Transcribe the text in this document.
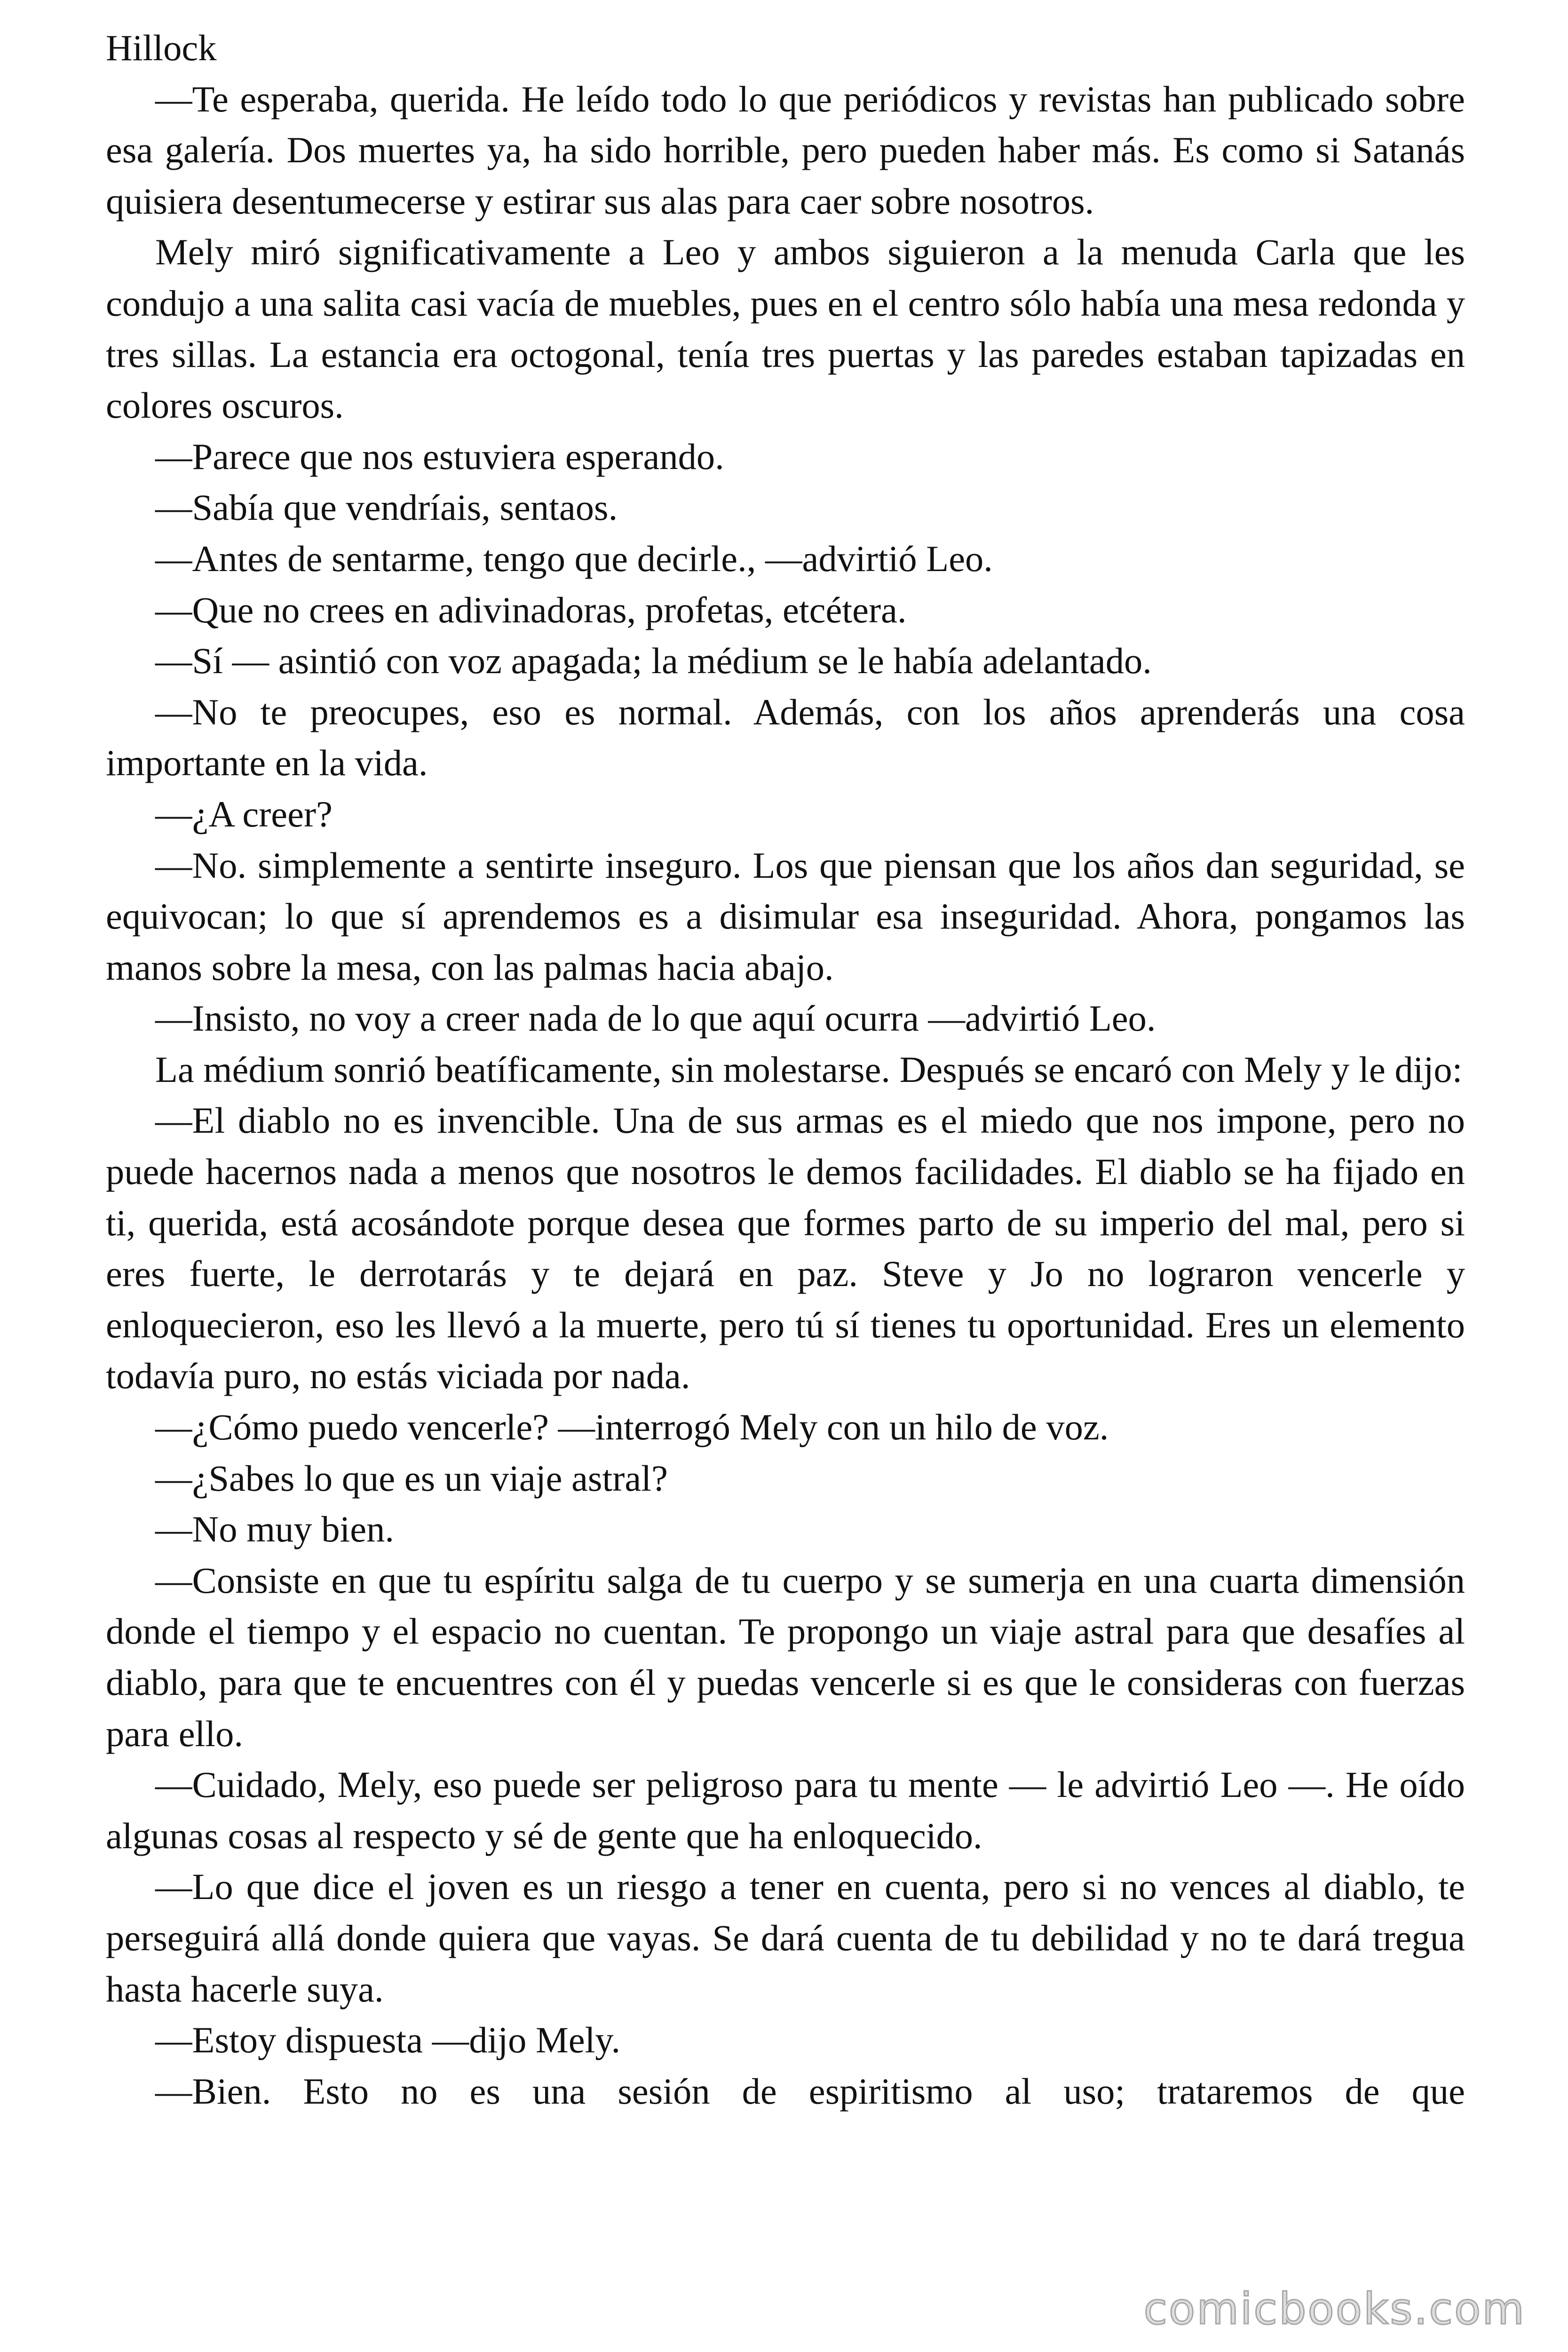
Hillock

—Te esperaba, querida. He leído todo lo que periódicos y revistas han publicado sobre esa galería. Dos muertes ya, ha sido horrible, pero pueden haber más. Es como si Satanás quisiera desentumecerse y estirar sus alas para caer sobre nosotros.

Mely miró significativamente a Leo y ambos siguieron a la menuda Carla que les condujo a una salita casi vacía de muebles, pues en el centro sólo había una mesa redonda y tres sillas. La estancia era octogonal, tenía tres puertas y las paredes estaban tapizadas en colores oscuros.

—Parece que nos estuviera esperando.

—Sabía que vendríais, sentaos.

—Antes de sentarme, tengo que decirle., —advirtió Leo.

—Que no crees en adivinadoras, profetas, etcétera.

—Sí — asintió con voz apagada; la médium se le había adelantado.

—No te preocupes, eso es normal. Además, con los años aprenderás una cosa importante en la vida.

—¿A creer?

—No. simplemente a sentirte inseguro. Los que piensan que los años dan seguridad, se equivocan; lo que sí aprendemos es a disimular esa inseguridad. Ahora, pongamos las manos sobre la mesa, con las palmas hacia abajo.

—Insisto, no voy a creer nada de lo que aquí ocurra —advirtió Leo.

La médium sonrió beatíficamente, sin molestarse. Después se encaró con Mely y le dijo:

—El diablo no es invencible. Una de sus armas es el miedo que nos impone, pero no puede hacernos nada a menos que nosotros le demos facilidades. El diablo se ha fijado en ti, querida, está acosándote porque desea que formes parto de su imperio del mal, pero si eres fuerte, le derrotarás y te dejará en paz. Steve y Jo no lograron vencerle y enloquecieron, eso les llevó a la muerte, pero tú sí tienes tu oportunidad. Eres un elemento todavía puro, no estás viciada por nada.

—¿Cómo puedo vencerle? —interrogó Mely con un hilo de voz.

—¿Sabes lo que es un viaje astral?

—No muy bien.

—Consiste en que tu espíritu salga de tu cuerpo y se sumerja en una cuarta dimensión donde el tiempo y el espacio no cuentan. Te propongo un viaje astral para que desafíes al diablo, para que te encuentres con él y puedas vencerle si es que le consideras con fuerzas para ello.

—Cuidado, Mely, eso puede ser peligroso para tu mente — le advirtió Leo —. He oído algunas cosas al respecto y sé de gente que ha enloquecido.

—Lo que dice el joven es un riesgo a tener en cuenta, pero si no vences al diablo, te perseguirá allá donde quiera que vayas. Se dará cuenta de tu debilidad y no te dará tregua hasta hacerle suya.

—Estoy dispuesta —dijo Mely.

—Bien. Esto no es una sesión de espiritismo al uso; trataremos de que

comicbooks.com
